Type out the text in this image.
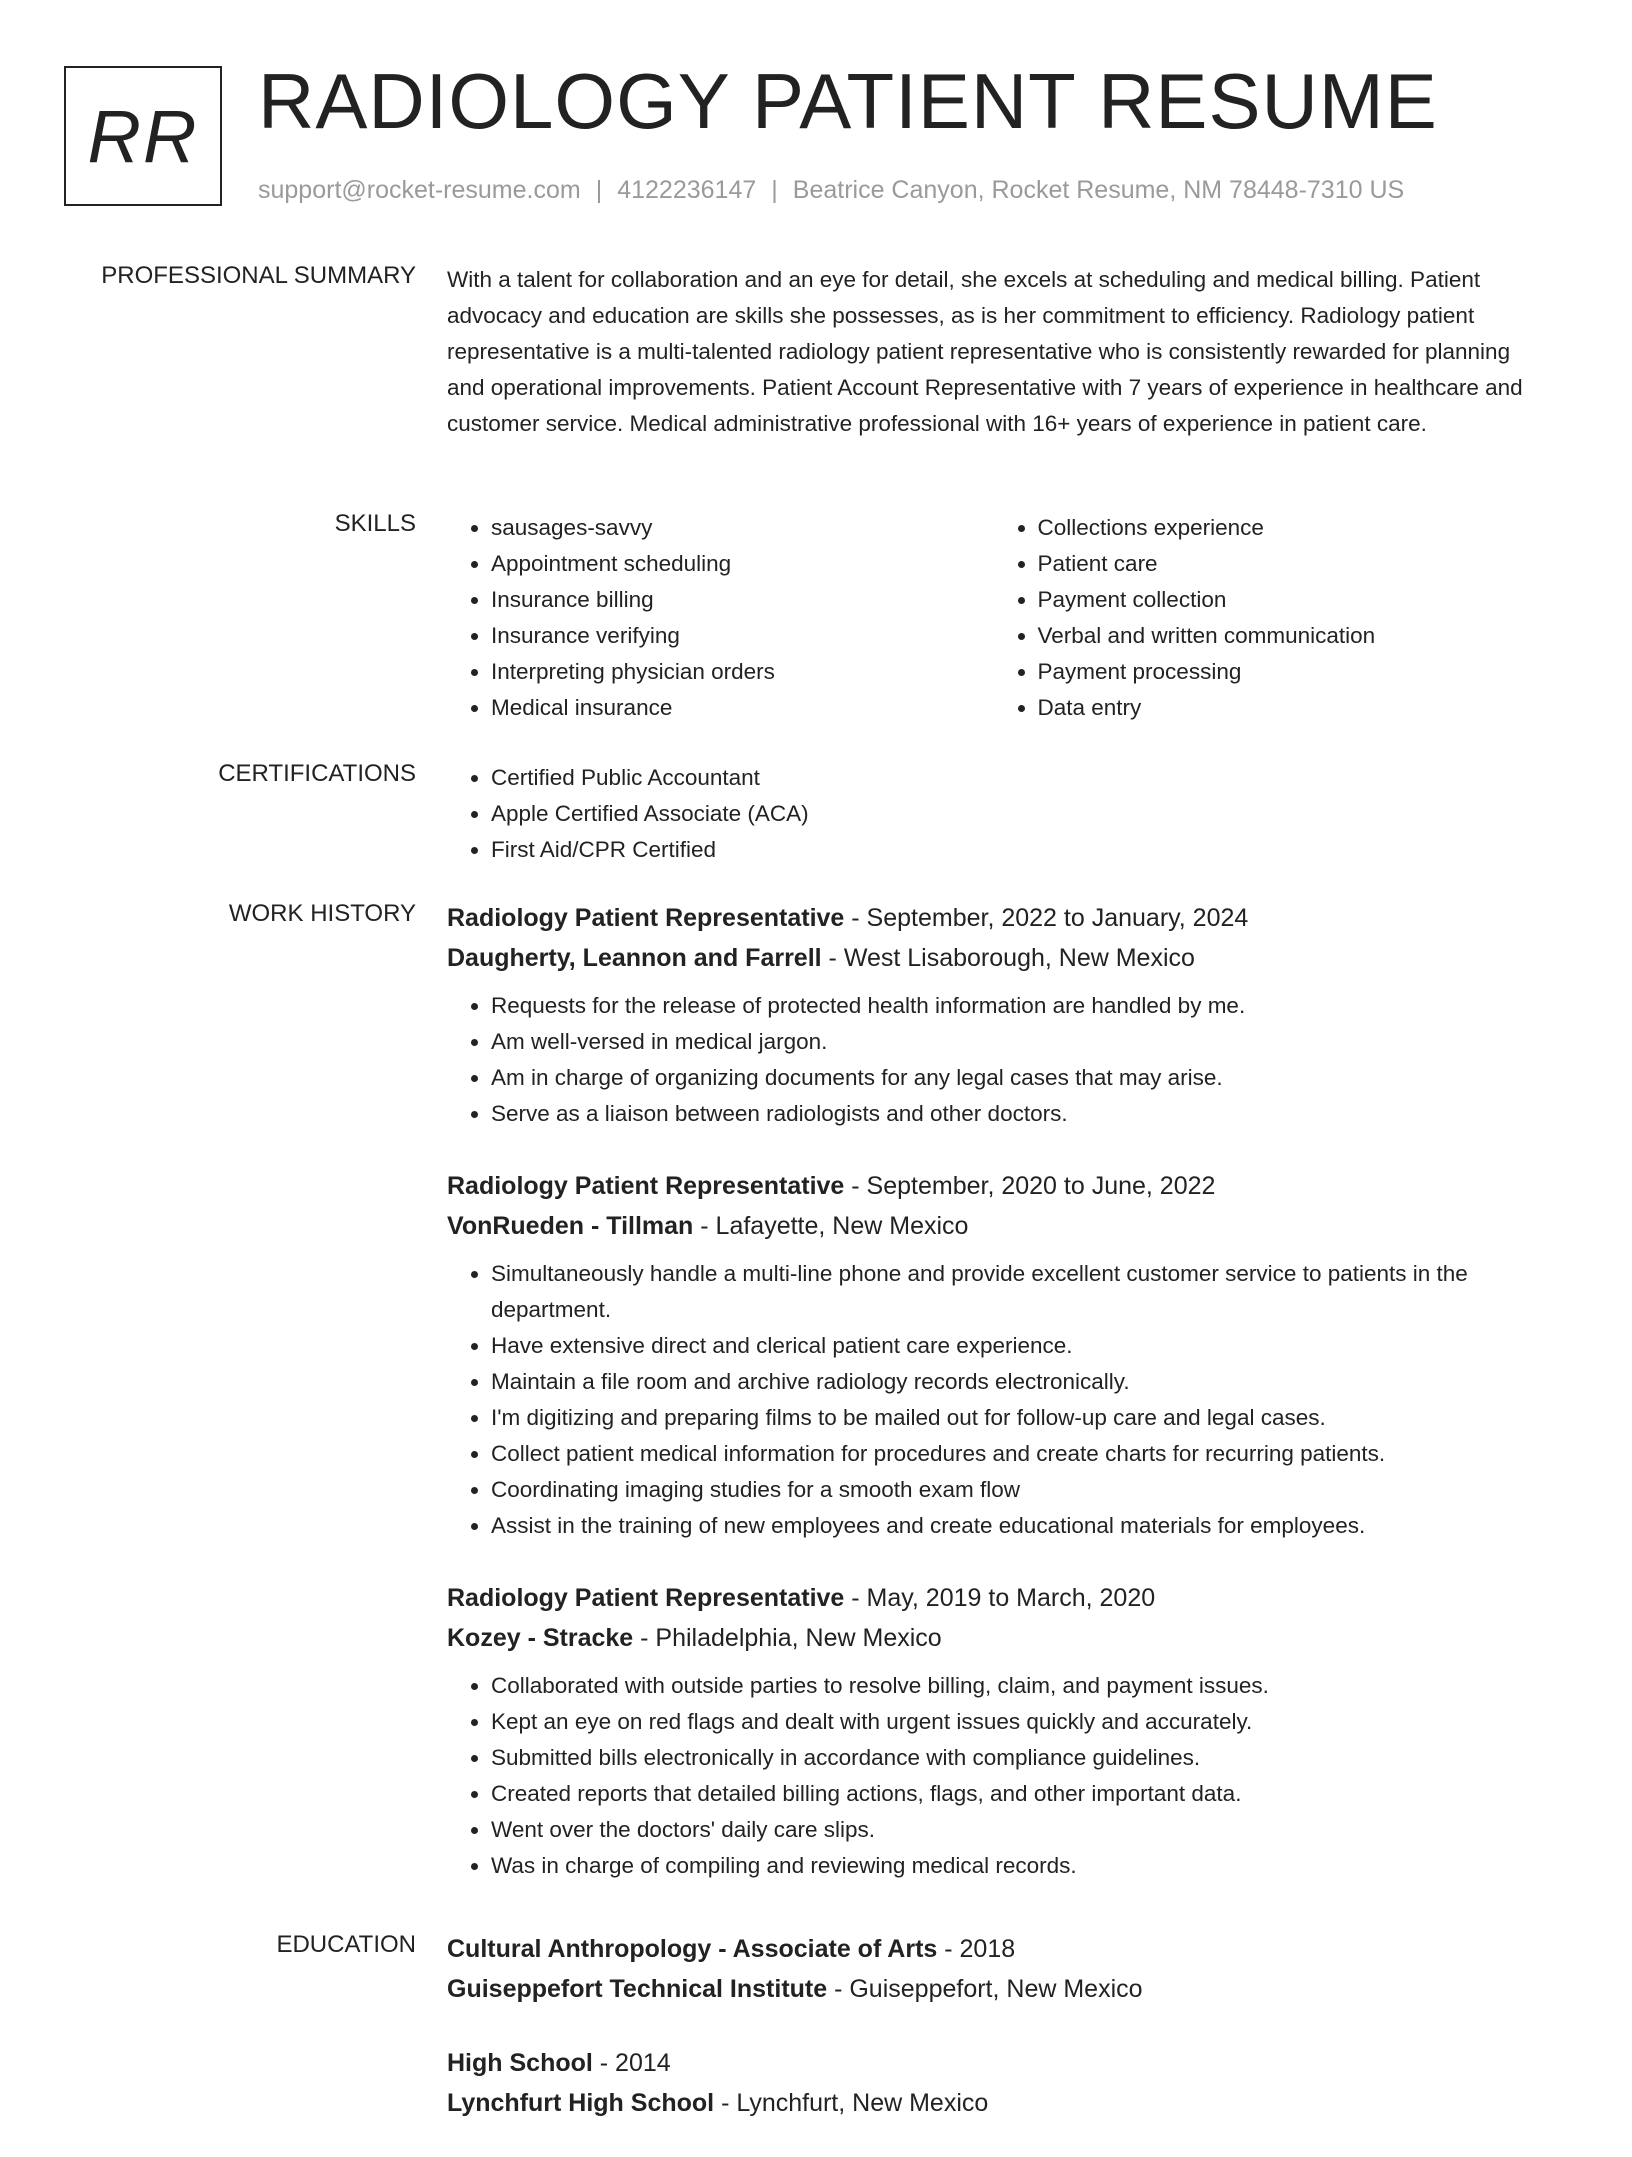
RR RADIOLOGY PATIENT RESUME
support@rocket-resume.com | 4122236147 | Beatrice Canyon, Rocket Resume, NM 78448-7310 US
PROFESSIONAL SUMMARY With a talent for collaboration and an eye for detail, she excels at scheduling and medical billing. Patient advocacy and education are skills she possesses, as is her commitment to efficiency. Radiology patient representative is a multi-talented radiology patient representative who is consistently rewarded for planning and operational improvements. Patient Account Representative with 7 years of experience in healthcare and customer service. Medical administrative professional with 16+ years of experience in patient care.

SKILLS	• sausages-savvy
• Appointment scheduling
• Insurance billing
• Insurance verifying
• Interpreting physician orders
• Medical insurance
• Collections experience
• Patient care
• Payment collection
• Verbal and written communication
• Payment processing
• Data entry
CERTIFICATIONS	• Certified Public Accountant
• Apple Certified Associate (ACA)
• First Aid/CPR Certified
WORK HISTORY Radiology Patient Representative - September, 2022 to January, 2024
Daugherty, Leannon and Farrell - West Lisaborough, New Mexico
• Requests for the release of protected health information are handled by me.
• Am well-versed in medical jargon.
• Am in charge of organizing documents for any legal cases that may arise.
• Serve as a liaison between radiologists and other doctors.
Radiology Patient Representative - September, 2020 to June, 2022
VonRueden - Tillman - Lafayette, New Mexico
• Simultaneously handle a multi-line phone and provide excellent customer service to patients in the department.
• Have extensive direct and clerical patient care experience.
• Maintain a file room and archive radiology records electronically.
• I'm digitizing and preparing films to be mailed out for follow-up care and legal cases.
• Collect patient medical information for procedures and create charts for recurring patients.
• Coordinating imaging studies for a smooth exam flow
• Assist in the training of new employees and create educational materials for employees.
Radiology Patient Representative - May, 2019 to March, 2020
Kozey - Stracke - Philadelphia, New Mexico
• Collaborated with outside parties to resolve billing, claim, and payment issues.
• Kept an eye on red flags and dealt with urgent issues quickly and accurately.
• Submitted bills electronically in accordance with compliance guidelines.
• Created reports that detailed billing actions, flags, and other important data.
• Went over the doctors' daily care slips.
• Was in charge of compiling and reviewing medical records.
EDUCATION Cultural Anthropology - Associate of Arts - 2018
Guiseppefort Technical Institute - Guiseppefort, New Mexico
High School - 2014
Lynchfurt High School - Lynchfurt, New Mexico
